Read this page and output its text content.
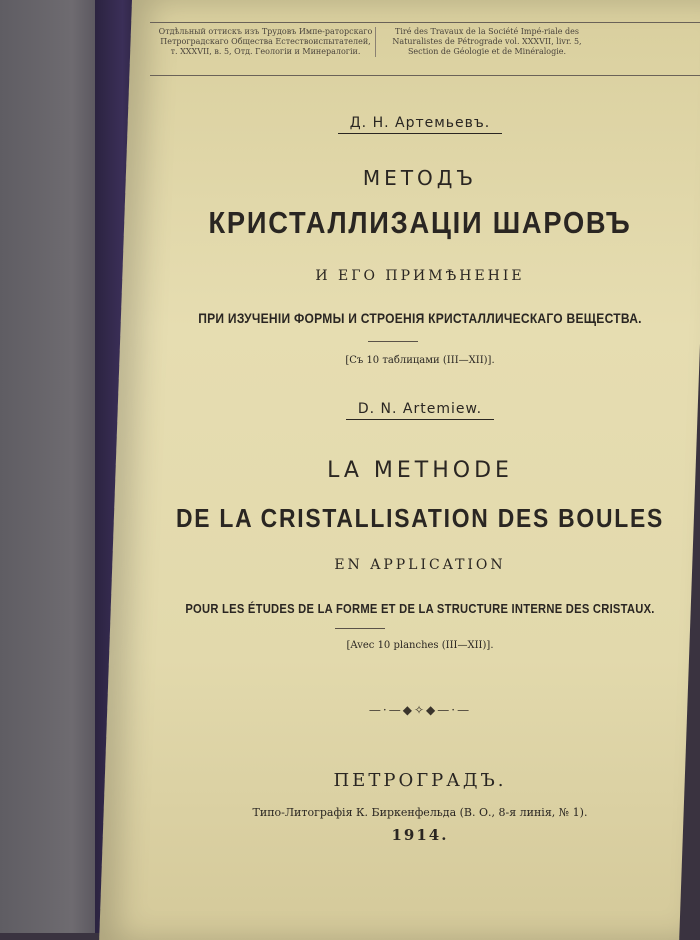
Отдѣльный оттискъ изъ Трудовъ Импе-раторскаго Петроградскаго Общества Естествоиспытателей, т. XXXVII, в. 5, Отд. Геологіи и Минералогіи.
Tiré des Travaux de la Société Impé-riale des Naturalistes de Pétrograde vol. XXXVII, livr. 5, Section de Géologie et de Minéralogie.
Д. Н. Артемьевъ.
МЕТОДЪ
КРИСТАЛЛИЗАЦІИ ШАРОВЪ
И ЕГО ПРИМѢНЕНІЕ
ПРИ ИЗУЧЕНІИ ФОРМЫ И СТРОЕНІЯ КРИСТАЛЛИЧЕСКАГО ВЕЩЕСТВА.
[Съ 10 таблицами (III—XII)].
D. N. Artemiew.
LA METHODE
DE LA CRISTALLISATION DES BOULES
EN APPLICATION
POUR LES ÉTUDES DE LA FORME ET DE LA STRUCTURE INTERNE DES CRISTAUX.
[Avec 10 planches (III—XII)].
—·—◆✧◆—·—
ПЕТРОГРАДЪ.
Типо-Литографія К. Биркенфельда (В. О., 8-я линія, № 1).
1914.
